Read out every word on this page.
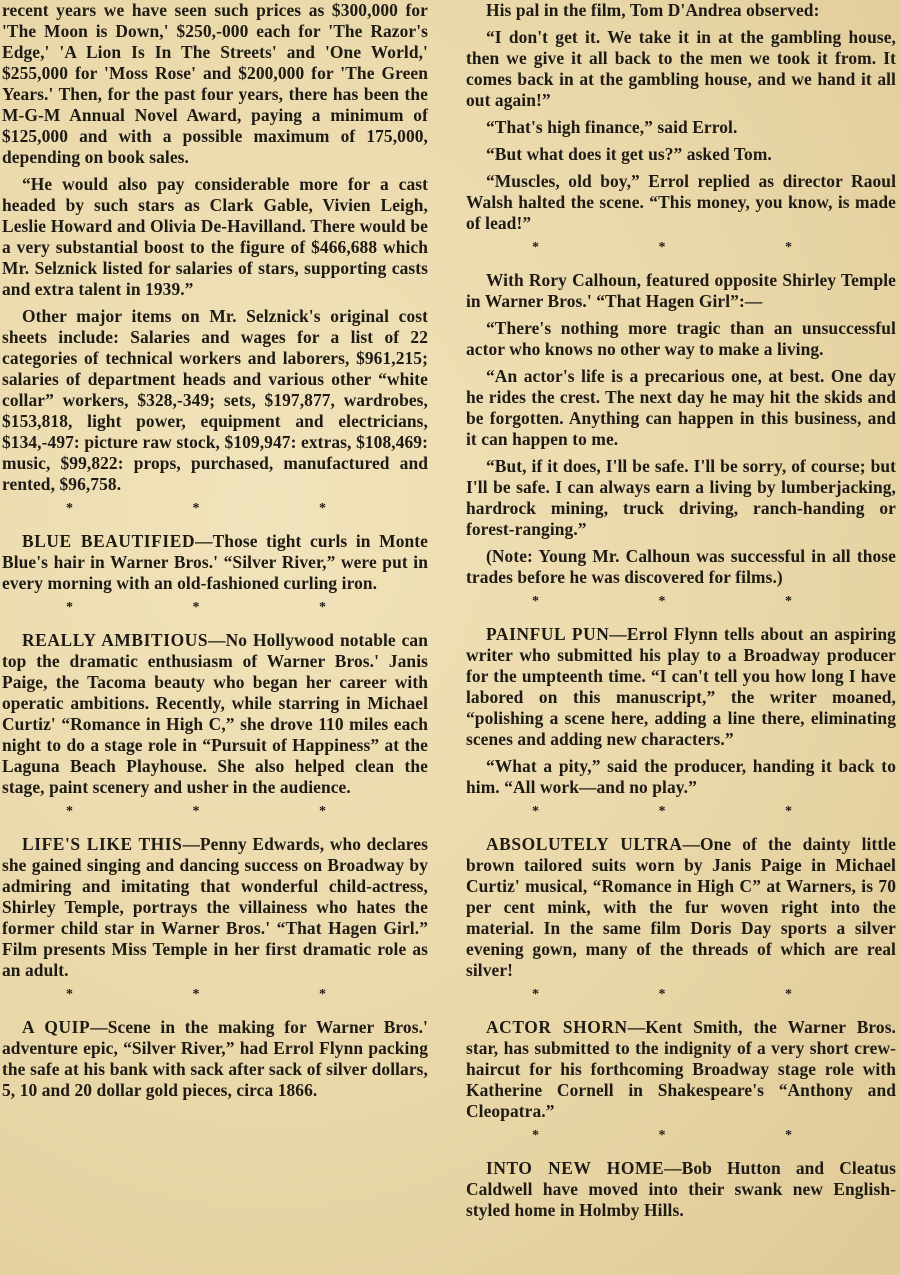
recent years we have seen such prices as $300,000 for 'The Moon is Down,' $250,-000 each for 'The Razor's Edge,' 'A Lion Is In The Streets' and 'One World,' $255,000 for 'Moss Rose' and $200,000 for 'The Green Years.' Then, for the past four years, there has been the M-G-M Annual Novel Award, paying a minimum of $125,000 and with a possible maximum of 175,000, depending on book sales.

“He would also pay considerable more for a cast headed by such stars as Clark Gable, Vivien Leigh, Leslie Howard and Olivia De-Havilland. There would be a very substantial boost to the figure of $466,688 which Mr. Selznick listed for salaries of stars, supporting casts and extra talent in 1939.”

Other major items on Mr. Selznick's original cost sheets include: Salaries and wages for a list of 22 categories of technical workers and laborers, $961,215; salaries of department heads and various other “white collar” workers, $328,-349; sets, $197,877, wardrobes, $153,818, light power, equipment and electricians, $134,-497: picture raw stock, $109,947: extras, $108,469: music, $99,822: props, purchased, manufactured and rented, $96,758.

* * *

BLUE BEAUTIFIED—Those tight curls in Monte Blue's hair in Warner Bros.' “Silver River,” were put in every morning with an old-fashioned curling iron.

* * *

REALLY AMBITIOUS—No Hollywood notable can top the dramatic enthusiasm of Warner Bros.' Janis Paige, the Tacoma beauty who began her career with operatic ambitions. Recently, while starring in Michael Curtiz' “Romance in High C,” she drove 110 miles each night to do a stage role in “Pursuit of Happiness” at the Laguna Beach Playhouse. She also helped clean the stage, paint scenery and usher in the audience.

* * *

LIFE'S LIKE THIS—Penny Edwards, who declares she gained singing and dancing success on Broadway by admiring and imitating that wonderful child-actress, Shirley Temple, portrays the villainess who hates the former child star in Warner Bros.' “That Hagen Girl.” Film presents Miss Temple in her first dramatic role as an adult.

* * *

A QUIP—Scene in the making for Warner Bros.' adventure epic, “Silver River,” had Errol Flynn packing the safe at his bank with sack after sack of silver dollars, 5, 10 and 20 dollar gold pieces, circa 1866.

His pal in the film, Tom D'Andrea observed:

“I don't get it. We take it in at the gambling house, then we give it all back to the men we took it from. It comes back in at the gambling house, and we hand it all out again!”

“That's high finance,” said Errol.

“But what does it get us?” asked Tom.

“Muscles, old boy,” Errol replied as director Raoul Walsh halted the scene. “This money, you know, is made of lead!”

* * *

With Rory Calhoun, featured opposite Shirley Temple in Warner Bros.' “That Hagen Girl”:—

“There's nothing more tragic than an unsuccessful actor who knows no other way to make a living.

“An actor's life is a precarious one, at best. One day he rides the crest. The next day he may hit the skids and be forgotten. Anything can happen in this business, and it can happen to me.

“But, if it does, I'll be safe. I'll be sorry, of course; but I'll be safe. I can always earn a living by lumberjacking, hardrock mining, truck driving, ranch-handing or forest-ranging.”

(Note: Young Mr. Calhoun was successful in all those trades before he was discovered for films.)

* * *

PAINFUL PUN—Errol Flynn tells about an aspiring writer who submitted his play to a Broadway producer for the umpteenth time. “I can't tell you how long I have labored on this manuscript,” the writer moaned, “polishing a scene here, adding a line there, eliminating scenes and adding new characters.”

“What a pity,” said the producer, handing it back to him. “All work—and no play.”

* * *

ABSOLUTELY ULTRA—One of the dainty little brown tailored suits worn by Janis Paige in Michael Curtiz' musical, “Romance in High C” at Warners, is 70 per cent mink, with the fur woven right into the material. In the same film Doris Day sports a silver evening gown, many of the threads of which are real silver!

* * *

ACTOR SHORN—Kent Smith, the Warner Bros. star, has submitted to the indignity of a very short crew-haircut for his forthcoming Broadway stage role with Katherine Cornell in Shakespeare's “Anthony and Cleopatra.”

* * *

INTO NEW HOME—Bob Hutton and Cleatus Caldwell have moved into their swank new English-styled home in Holmby Hills.
